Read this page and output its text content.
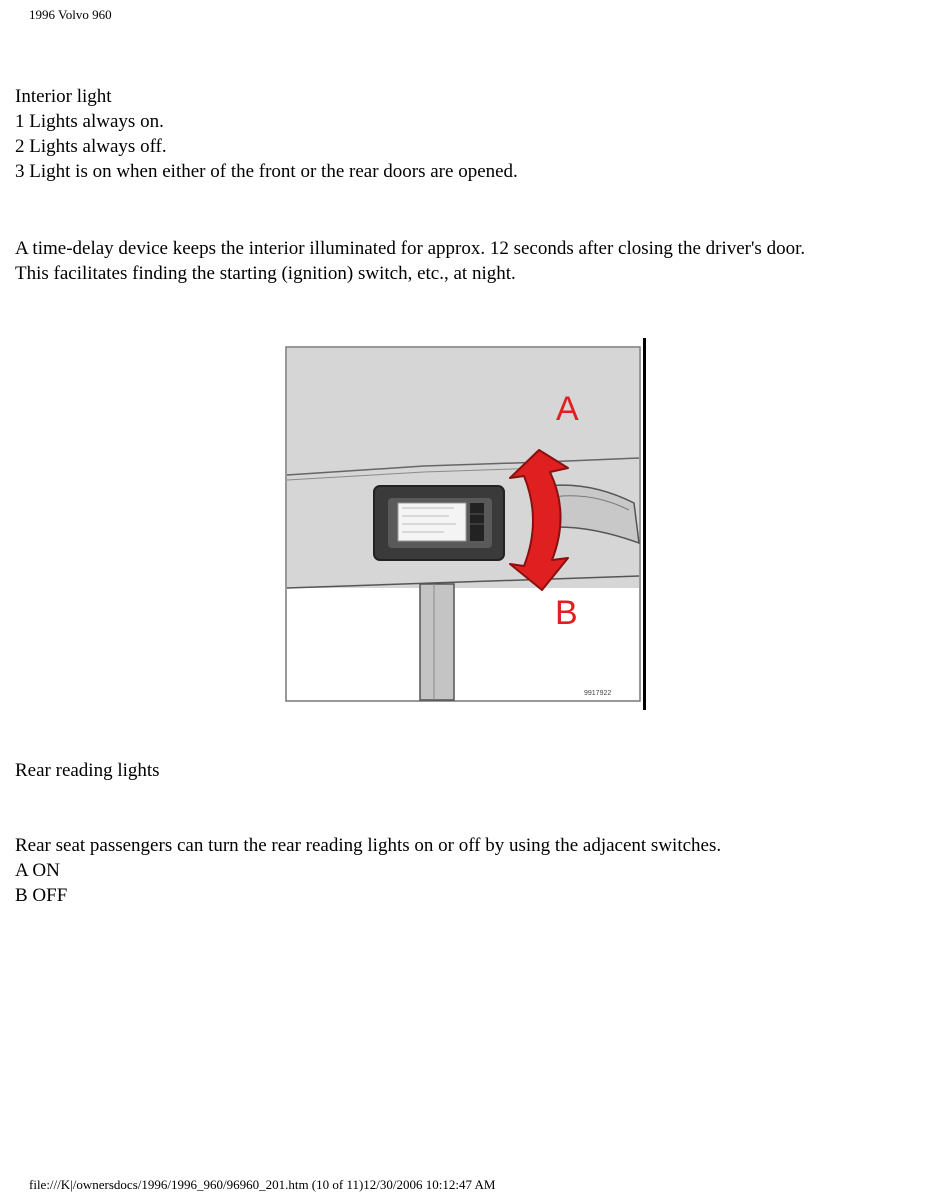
1996 Volvo 960
Interior light
1 Lights always on.
2 Lights always off.
3 Light is on when either of the front or the rear doors are opened.
A time-delay device keeps the interior illuminated for approx. 12 seconds after closing the driver's door.
This facilitates finding the starting (ignition) switch, etc., at night.
A
B
9917922
Rear reading lights
Rear seat passengers can turn the rear reading lights on or off by using the adjacent switches.
A ON
B OFF
file:///K|/ownersdocs/1996/1996_960/96960_201.htm (10 of 11)12/30/2006 10:12:47 AM
